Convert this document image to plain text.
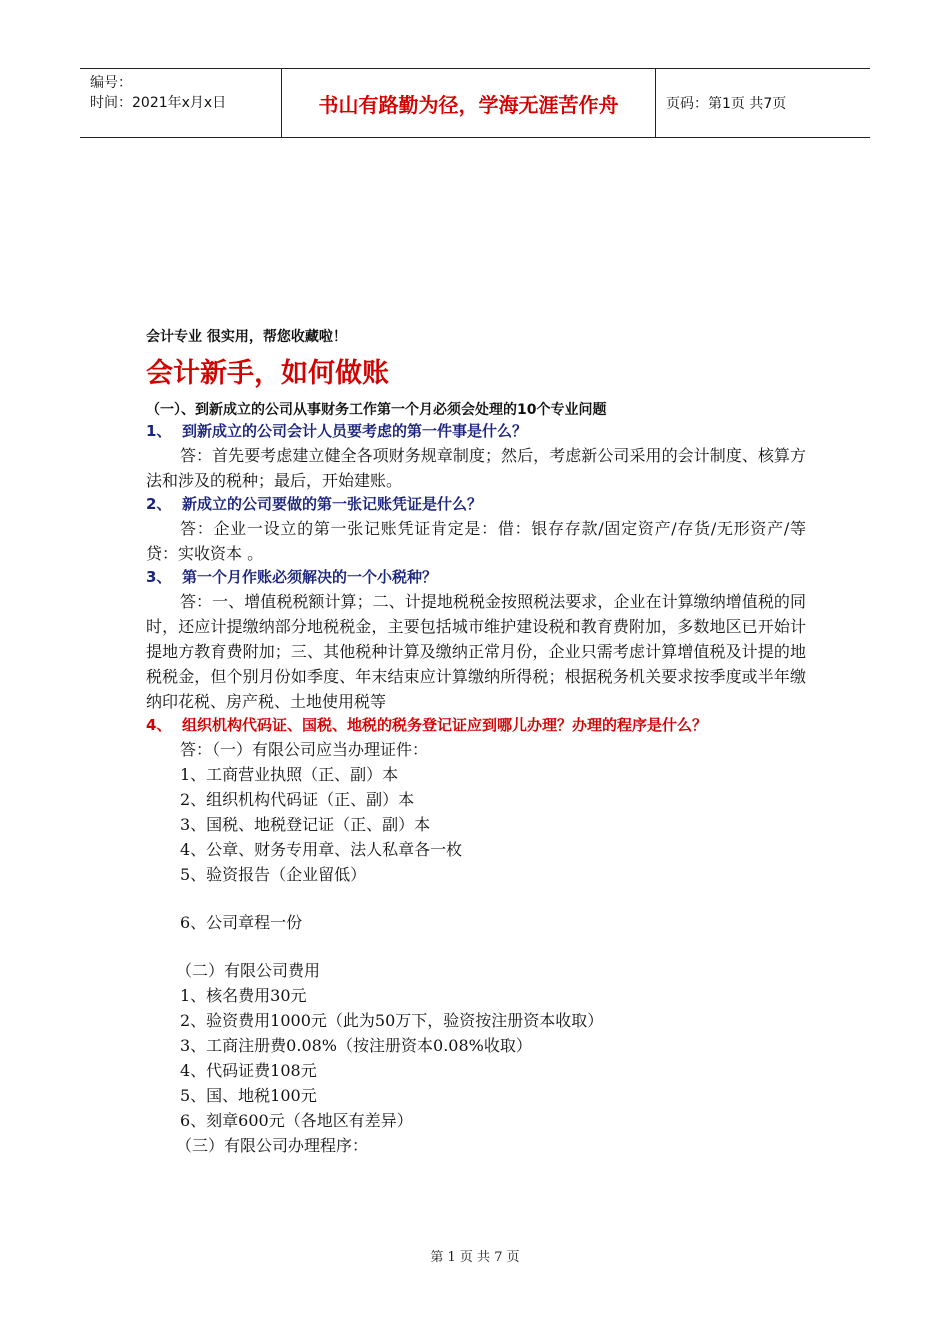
编号：
时间：2021年x月x日	书山有路勤为径，学海无涯苦作舟	页码：第1页 共7页

会计专业 很实用，帮您收藏啦！

会计新手，如何做账

（一）、到新成立的公司从事财务工作第一个月必须会处理的10个专业问题

1、 到新成立的公司会计人员要考虑的第一件事是什么？

答：首先要考虑建立健全各项财务规章制度；然后，考虑新公司采用的会计制度、核算方法和涉及的税种；最后，开始建账。

2、 新成立的公司要做的第一张记账凭证是什么？

答：企业一设立的第一张记账凭证肯定是：借：银存存款/固定资产/存货/无形资产/等 贷：实收资本 。

3、 第一个月作账必须解决的一个小税种？

答：一、增值税税额计算；二、计提地税税金按照税法要求，企业在计算缴纳增值税的同时，还应计提缴纳部分地税税金，主要包括城市维护建设税和教育费附加，多数地区已开始计提地方教育费附加；三、其他税种计算及缴纳正常月份，企业只需考虑计算增值税及计提的地税税金，但个别月份如季度、年末结束应计算缴纳所得税；根据税务机关要求按季度或半年缴纳印花税、房产税、土地使用税等

4、 组织机构代码证、国税、地税的税务登记证应到哪儿办理？办理的程序是什么？

答：（一）有限公司应当办理证件：

1、工商营业执照（正、副）本

2、组织机构代码证（正、副）本

3、国税、地税登记证（正、副）本

4、公章、财务专用章、法人私章各一枚

5、验资报告（企业留低）

6、公司章程一份

（二）有限公司费用

1、核名费用30元

2、验资费用1000元（此为50万下，验资按注册资本收取）

3、工商注册费0.08%（按注册资本0.08%收取）

4、代码证费108元

5、国、地税100元

6、刻章600元（各地区有差异）

（三）有限公司办理程序：

第 1 页 共 7 页
